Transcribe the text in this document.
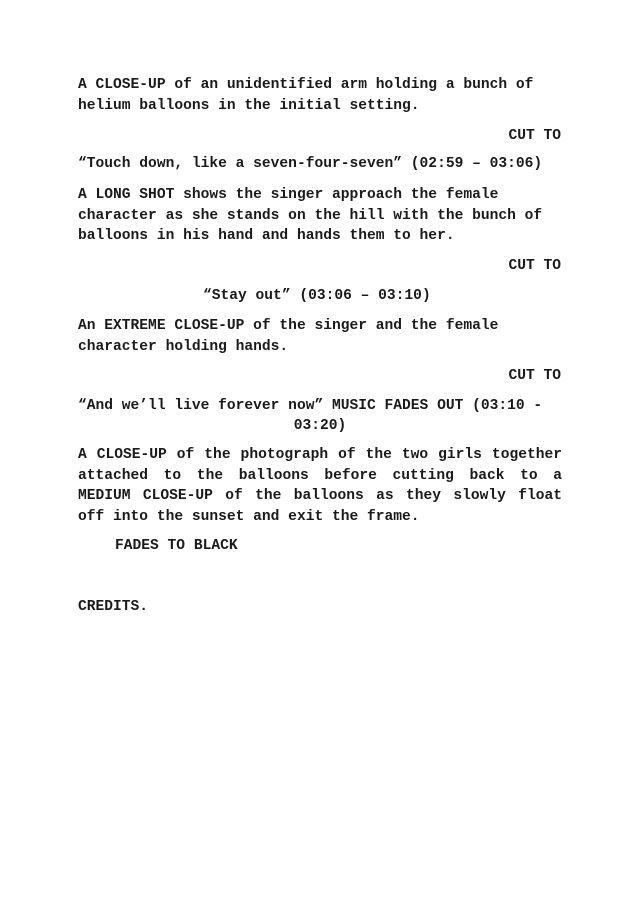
A CLOSE-UP of an unidentified arm holding a bunch of helium balloons in the initial setting.
CUT TO
“Touch down, like a seven-four-seven” (02:59 – 03:06)
A LONG SHOT shows the singer approach the female character as she stands on the hill with the bunch of balloons in his hand and hands them to her.
CUT TO
“Stay out” (03:06 – 03:10)
An EXTREME CLOSE-UP of the singer and the female character holding hands.
CUT TO
“And we’ll live forever now” MUSIC FADES OUT (03:10 -
03:20)
A CLOSE-UP of the photograph of the two girls together attached to the balloons before cutting back to a MEDIUM CLOSE-UP of the balloons as they slowly float off into the sunset and exit the frame.
FADES TO BLACK
CREDITS.
